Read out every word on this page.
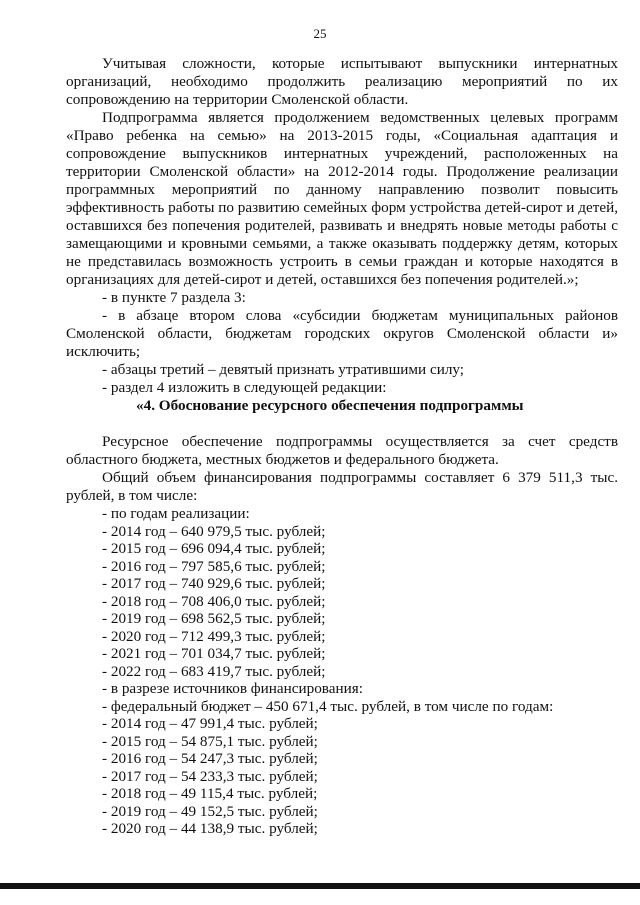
25

Учитывая сложности, которые испытывают выпускники интернатных организаций, необходимо продолжить реализацию мероприятий по их сопровождению на территории Смоленской области.

Подпрограмма является продолжением ведомственных целевых программ «Право ребенка на семью» на 2013-2015 годы, «Социальная адаптация и сопровождение выпускников интернатных учреждений, расположенных на территории Смоленской области» на 2012-2014 годы. Продолжение реализации программных мероприятий по данному направлению позволит повысить эффективность работы по развитию семейных форм устройства детей-сирот и детей, оставшихся без попечения родителей, развивать и внедрять новые методы работы с замещающими и кровными семьями, а также оказывать поддержку детям, которых не представилась возможность устроить в семьи граждан и которые находятся в организациях для детей-сирот и детей, оставшихся без попечения родителей.»;

- в пункте 7 раздела 3:

- в абзаце втором слова «субсидии бюджетам муниципальных районов Смоленской области, бюджетам городских округов Смоленской области и» исключить;

- абзацы третий – девятый признать утратившими силу;

- раздел 4 изложить в следующей редакции:

«4. Обоснование ресурсного обеспечения подпрограммы

Ресурсное обеспечение подпрограммы осуществляется за счет средств областного бюджета, местных бюджетов и федерального бюджета.

Общий объем финансирования подпрограммы составляет 6 379 511,3 тыс. рублей, в том числе:

- по годам реализации:

- 2014 год – 640 979,5 тыс. рублей;

- 2015 год – 696 094,4 тыс. рублей;

- 2016 год – 797 585,6 тыс. рублей;

- 2017 год – 740 929,6 тыс. рублей;

- 2018 год – 708 406,0 тыс. рублей;

- 2019 год – 698 562,5 тыс. рублей;

- 2020 год – 712 499,3 тыс. рублей;

- 2021 год – 701 034,7 тыс. рублей;

- 2022 год – 683 419,7 тыс. рублей;

- в разрезе источников финансирования:

- федеральный бюджет – 450 671,4 тыс. рублей, в том числе по годам:

- 2014 год – 47 991,4 тыс. рублей;

- 2015 год – 54 875,1 тыс. рублей;

- 2016 год – 54 247,3 тыс. рублей;

- 2017 год – 54 233,3 тыс. рублей;

- 2018 год – 49 115,4 тыс. рублей;

- 2019 год – 49 152,5 тыс. рублей;

- 2020 год – 44 138,9 тыс. рублей;
